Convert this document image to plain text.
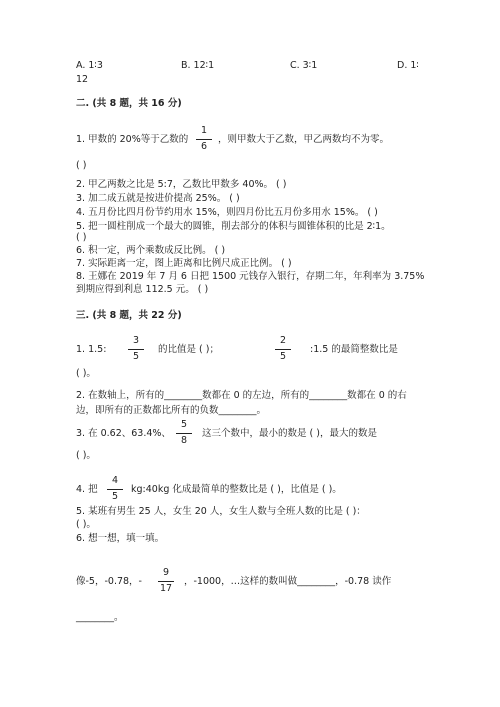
A. 1∶3	B. 12∶1	C. 3∶1	D. 1∶
12
二. (共 8 题，共 16 分)
1. 甲数的 20%等于乙数的
1
6
，则甲数大于乙数，甲乙两数均不为零。
( )
2. 甲乙两数之比是 5:7，乙数比甲数多 40%。 ( )
3. 加二成五就是按进价提高 25%。 ( )
4. 五月份比四月份节约用水 15%，则四月份比五月份多用水 15%。 ( )
5. 把一圆柱削成一个最大的圆锥，削去部分的体积与圆锥体积的比是 2∶1。
( )
6. 积一定，两个乘数成反比例。 ( )
7. 实际距离一定，图上距离和比例尺成正比例。 ( )
8. 王娜在 2019 年 7 月 6 日把 1500 元钱存入银行，存期二年，年利率为 3.75%
到期应得到利息 112.5 元。 ( )
三. (共 8 题，共 22 分)
1. 1.5:
3
5
的比值是 ( )；
2
5
:1.5 的最简整数比是
( )。
2. 在数轴上，所有的________数都在 0 的左边，所有的________数都在 0 的右
边，即所有的正数都比所有的负数________。
3. 在 0.62、63.4%、
5
8
这三个数中，最小的数是 ( )，最大的数是
( )。
4. 把
4
5
kg:40kg 化成最简单的整数比是 ( )，比值是 ( )。
5. 某班有男生 25 人，女生 20 人，女生人数与全班人数的比是 ( )：
( )。
6. 想一想，填一填。
像-5，-0.78，-
9
17
，-1000，…这样的数叫做________，-0.78 读作
________。
